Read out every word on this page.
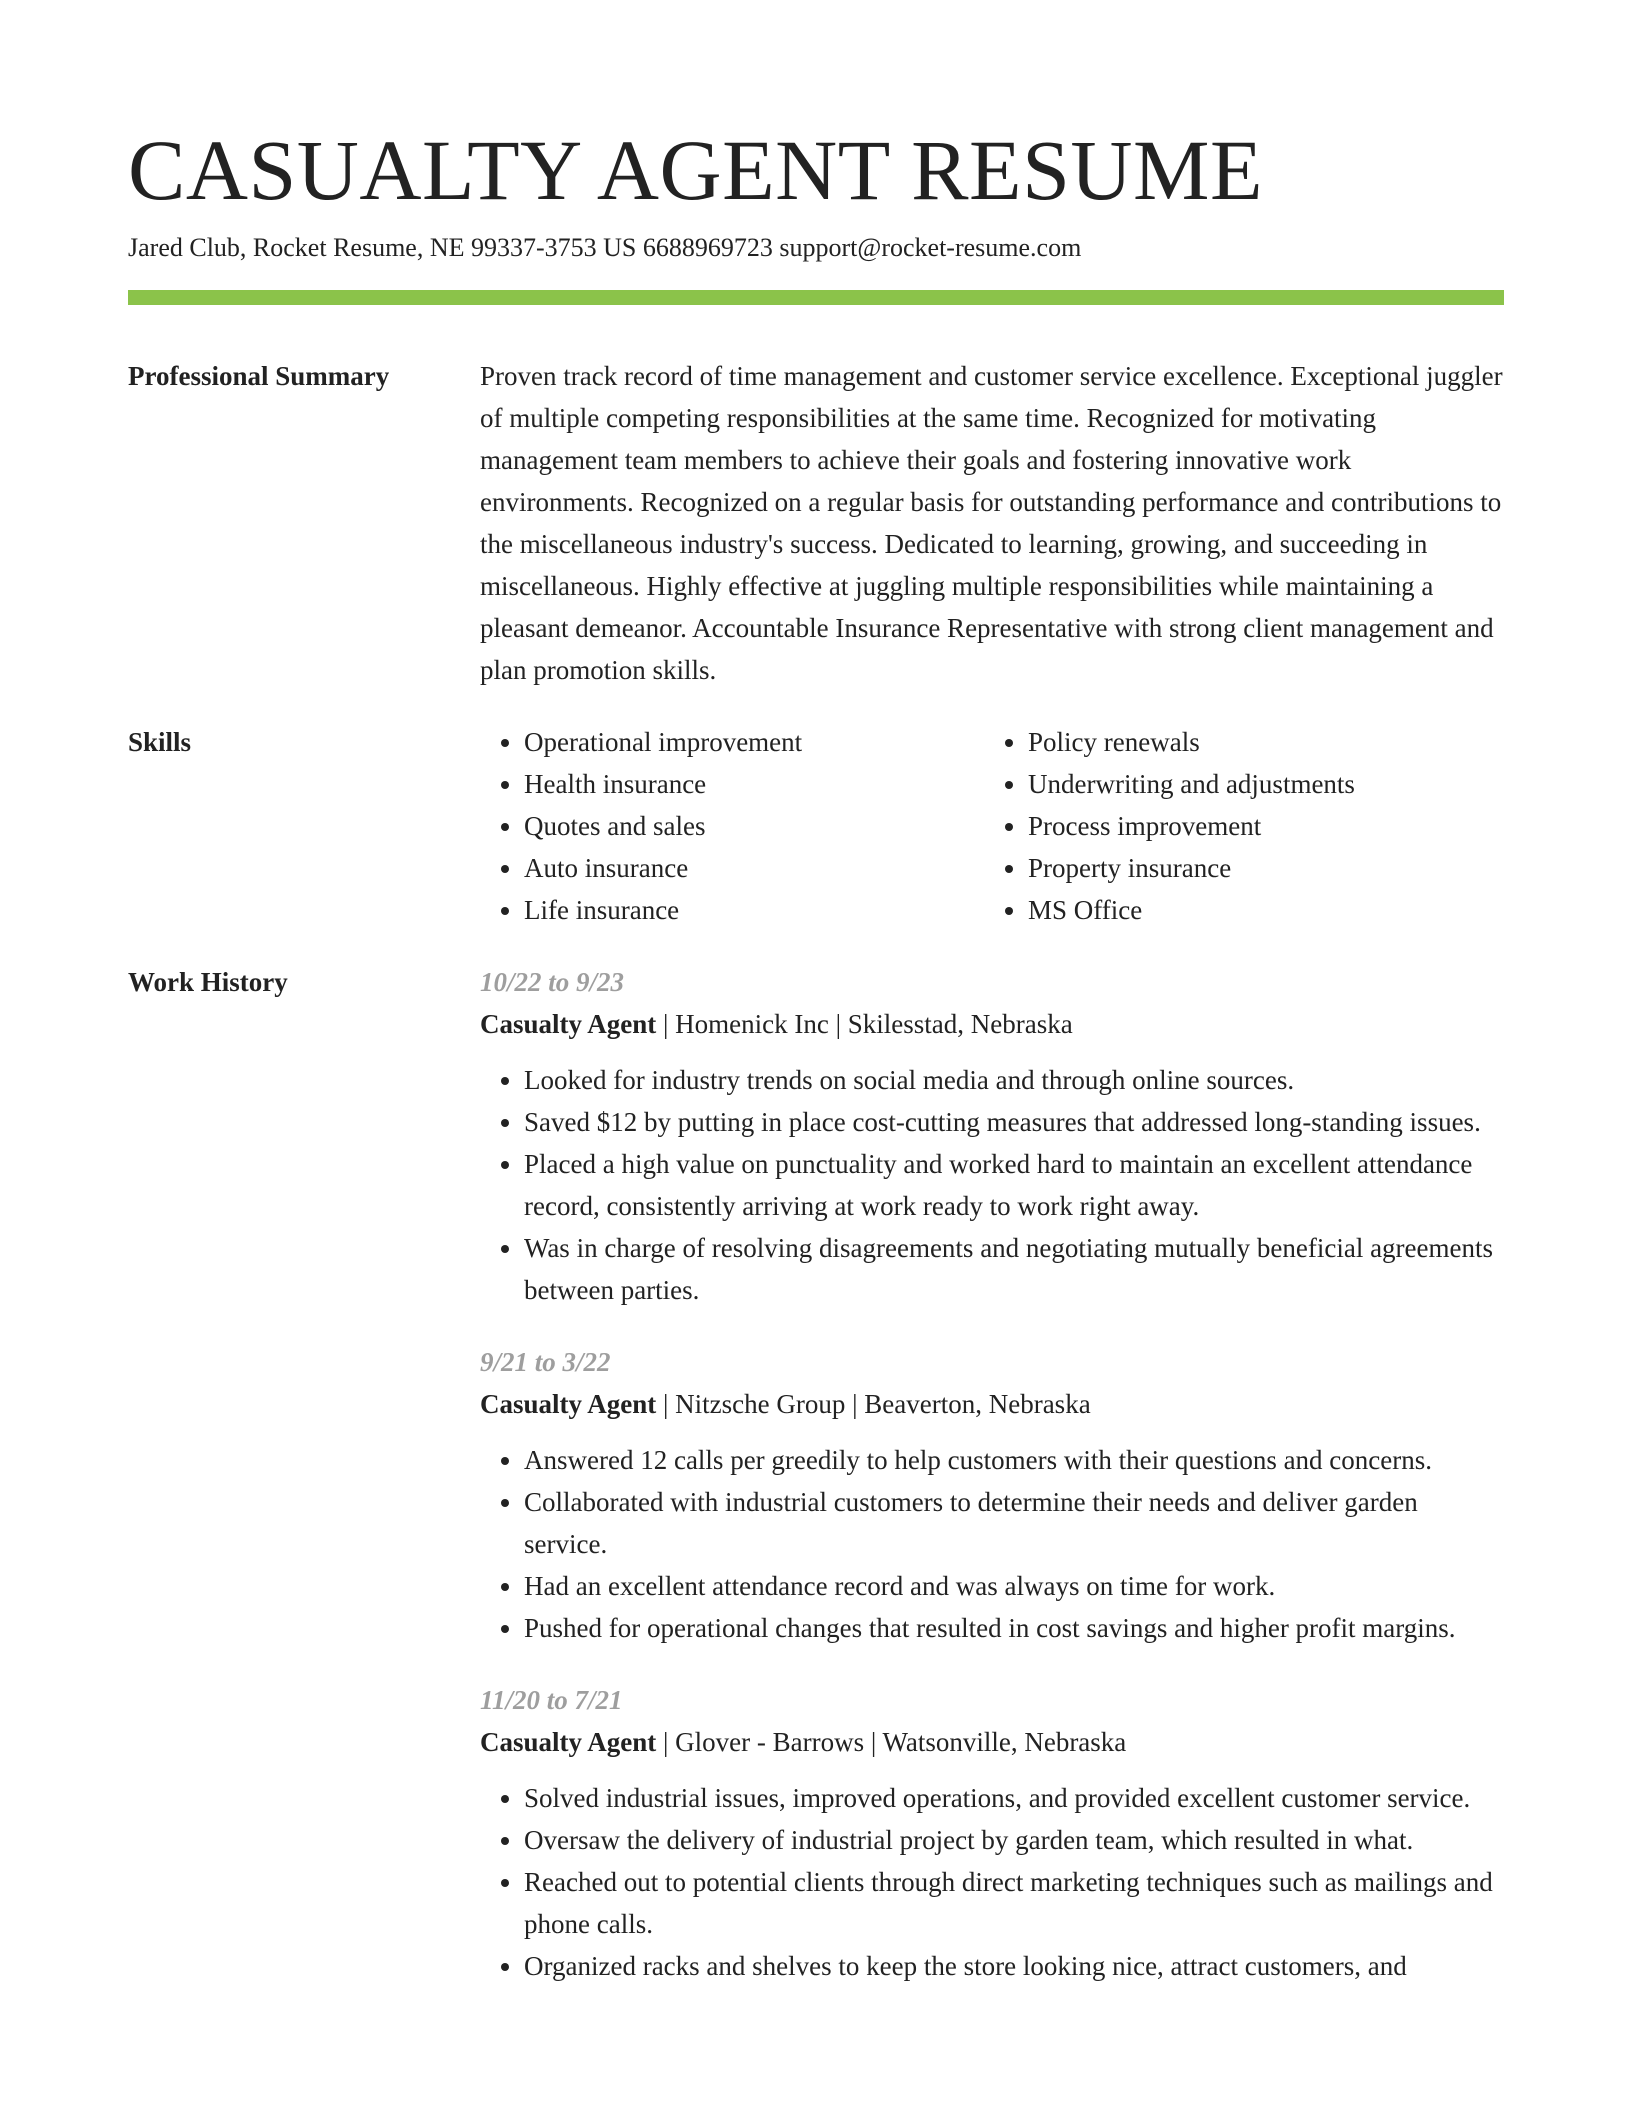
CASUALTY AGENT RESUME
Jared Club, Rocket Resume, NE 99337-3753 US 6688969723 support@rocket-resume.com
Professional Summary	Proven track record of time management and customer service excellence. Exceptional juggler of multiple competing responsibilities at the same time. Recognized for motivating management team members to achieve their goals and fostering innovative work environments. Recognized on a regular basis for outstanding performance and contributions to the miscellaneous industry's success. Dedicated to learning, growing, and succeeding in miscellaneous. Highly effective at juggling multiple responsibilities while maintaining a pleasant demeanor. Accountable Insurance Representative with strong client management and plan promotion skills.

Skills
•	Operational improvement
• Health insurance
• Quotes and sales
• Auto insurance
• Life insurance
• Policy renewals
• Underwriting and adjustments
• Process improvement
• Property insurance
• MS Office
Work History	10/22 to 9/23
Casualty Agent | Homenick Inc | Skilesstad, Nebraska
• Looked for industry trends on social media and through online sources.
• Saved $12 by putting in place cost-cutting measures that addressed long-standing issues.
• Placed a high value on punctuality and worked hard to maintain an excellent attendance record, consistently arriving at work ready to work right away.
• Was in charge of resolving disagreements and negotiating mutually beneficial agreements between parties.
9/21 to 3/22
Casualty Agent | Nitzsche Group | Beaverton, Nebraska
• Answered 12 calls per greedily to help customers with their questions and concerns.
• Collaborated with industrial customers to determine their needs and deliver garden service.
• Had an excellent attendance record and was always on time for work.
• Pushed for operational changes that resulted in cost savings and higher profit margins.
11/20 to 7/21
Casualty Agent | Glover - Barrows | Watsonville, Nebraska
• Solved industrial issues, improved operations, and provided excellent customer service.
• Oversaw the delivery of industrial project by garden team, which resulted in what.
• Reached out to potential clients through direct marketing techniques such as mailings and phone calls.
• Organized racks and shelves to keep the store looking nice, attract customers, and
